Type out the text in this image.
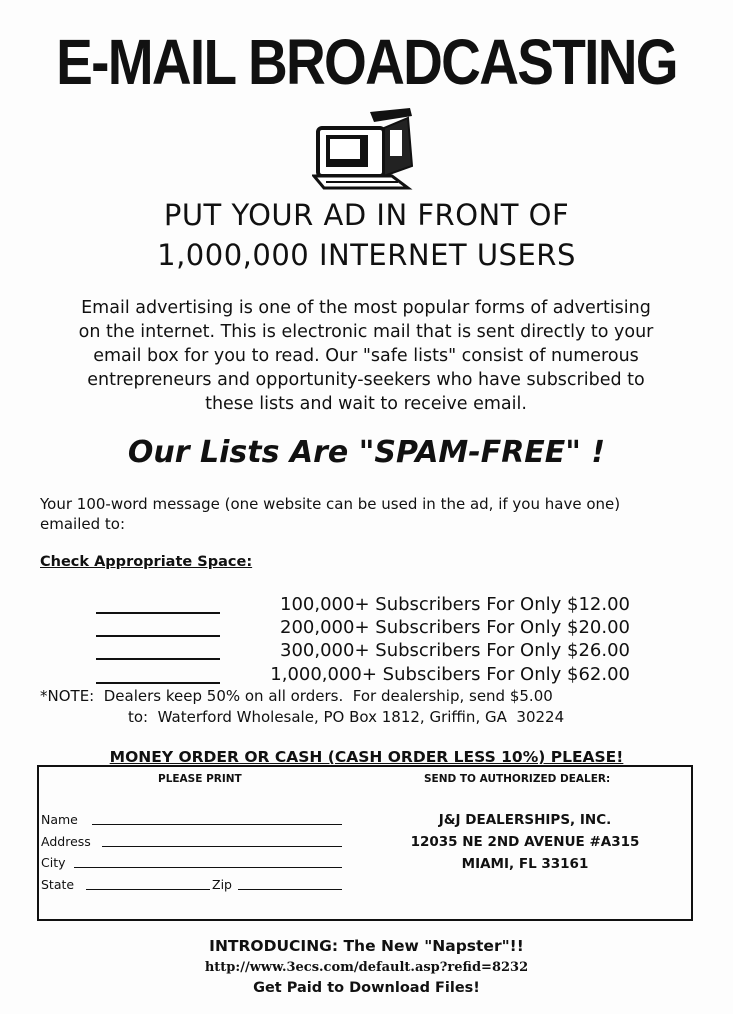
E-MAIL BROADCASTING
PUT YOUR AD IN FRONT OF
1,000,000 INTERNET USERS
Email advertising is one of the most popular forms of advertising
on the internet. This is electronic mail that is sent directly to your
email box for you to read. Our "safe lists" consist of numerous
entrepreneurs and opportunity-seekers who have subscribed to
these lists and wait to receive email.
Our Lists Are "SPAM-FREE" !
Your 100-word message (one website can be used in the ad, if you have one) emailed to:
Check Appropriate Space:
100,000+ Subscribers For Only $12.00
200,000+ Subscribers For Only $20.00
300,000+ Subscribers For Only $26.00
1,000,000+ Subscibers For Only $62.00
*NOTE:  Dealers keep 50% on all orders.  For dealership, send $5.00
to:  Waterford Wholesale, PO Box 1812, Griffin, GA  30224
MONEY ORDER OR CASH (CASH ORDER LESS 10%) PLEASE!
PLEASE PRINT	SEND TO AUTHORIZED DEALER:
Name
Address
City
State	Zip
J&J DEALERSHIPS, INC.
12035 NE 2ND AVENUE #A315
MIAMI, FL 33161
INTRODUCING: The New "Napster"!!
http://www.3ecs.com/default.asp?refid=8232
Get Paid to Download Files!
